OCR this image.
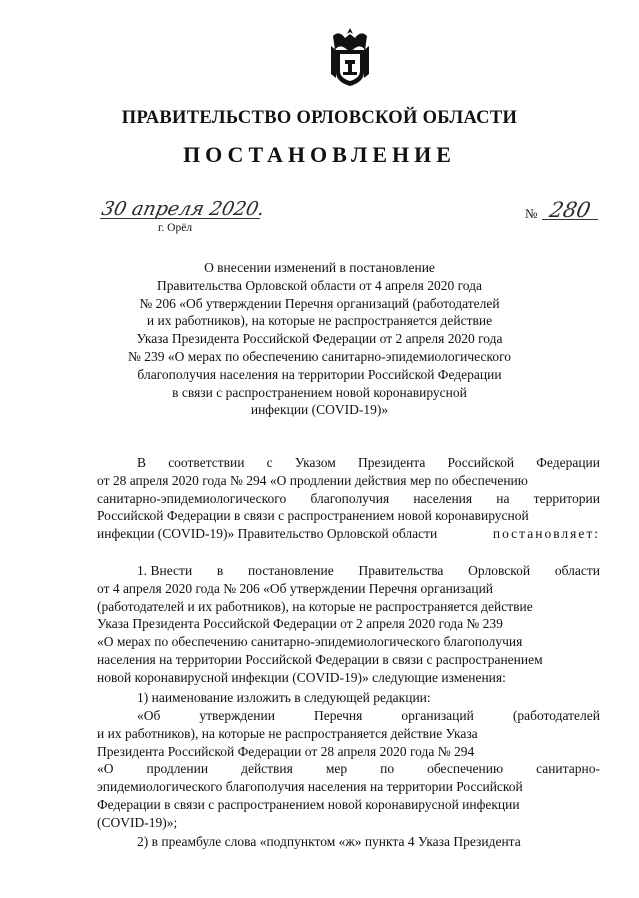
ПРАВИТЕЛЬСТВО ОРЛОВСКОЙ ОБЛАСТИ
ПОСТАНОВЛЕНИЕ
30 апреля 2020.
г. Орёл
№ 280
О внесении изменений в постановление
Правительства Орловской области от 4 апреля 2020 года
№ 206 «Об утверждении Перечня организаций (работодателей
и их работников), на которые не распространяется действие
Указа Президента Российской Федерации от 2 апреля 2020 года
№ 239 «О мерах по обеспечению санитарно-эпидемиологического
благополучия населения на территории Российской Федерации
в связи с распространением новой коронавирусной
инфекции (COVID-19)»
В соответствии с Указом Президента Российской Федерации
от 28 апреля 2020 года № 294 «О продлении действия мер по обеспечению
санитарно-эпидемиологического благополучия населения на территории
Российской Федерации в связи с распространением новой коронавирусной
инфекции (COVID-19)» Правительство Орловской области	постановляет:
1. Внести в постановление Правительства Орловской области
от 4 апреля 2020 года № 206 «Об утверждении Перечня организаций
(работодателей и их работников), на которые не распространяется действие
Указа Президента Российской Федерации от 2 апреля 2020 года № 239
«О мерах по обеспечению санитарно-эпидемиологического благополучия
населения на территории Российской Федерации в связи с распространением
новой коронавирусной инфекции (COVID-19)» следующие изменения:
1) наименование изложить в следующей редакции:
«Об	утверждении	Перечня	организаций	(работодателей
и их работников), на которые не распространяется действие Указа
Президента Российской Федерации от 28 апреля 2020 года № 294
«О продлении действия мер по обеспечению санитарно-
эпидемиологического благополучия населения на территории Российской
Федерации в связи с распространением новой коронавирусной инфекции
(COVID-19)»;
2) в преамбуле слова «подпунктом «ж» пункта 4 Указа Президента
